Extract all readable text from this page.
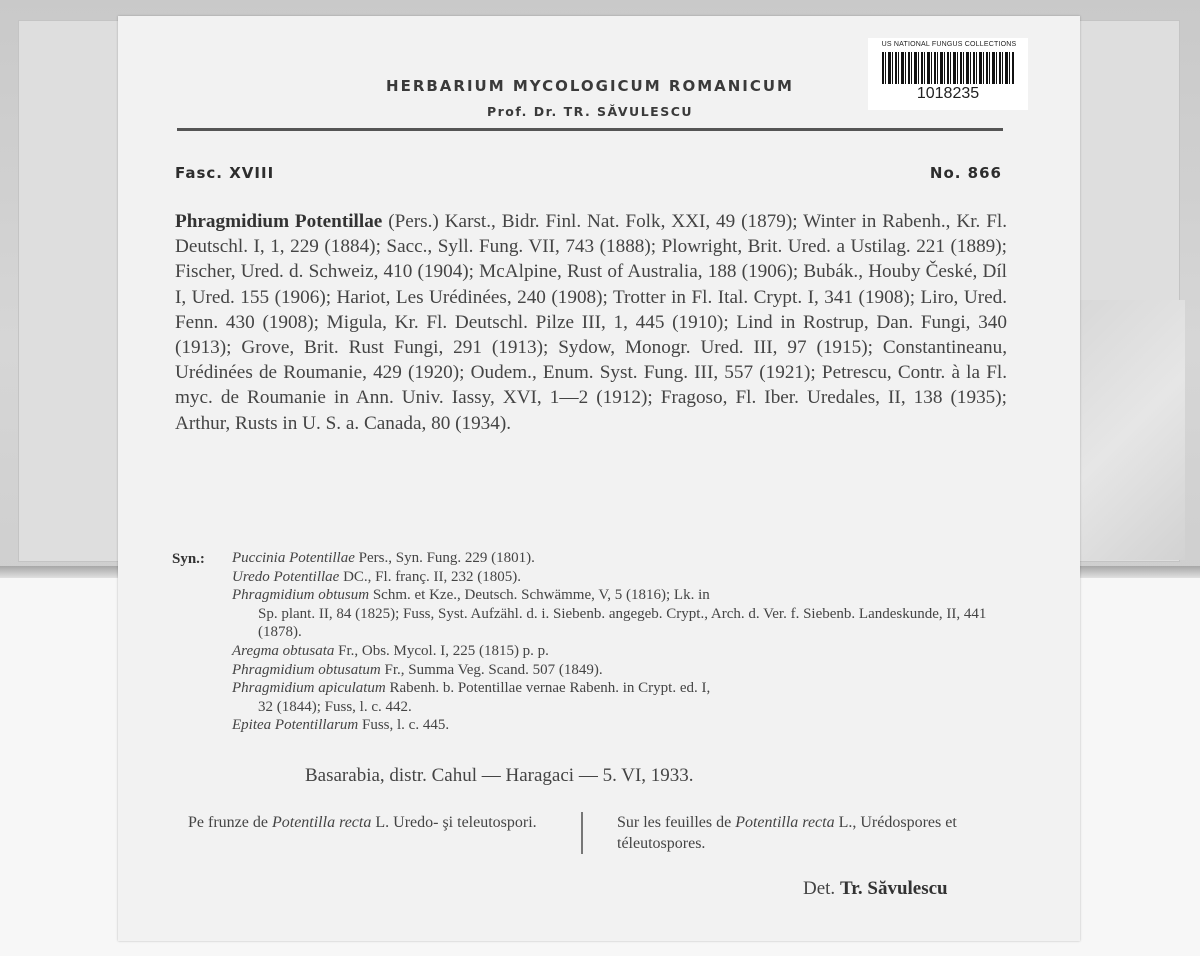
US NATIONAL FUNGUS COLLECTIONS
1018235
HERBARIUM MYCOLOGICUM ROMANICUM
Prof. Dr. TR. SĂVULESCU
Fasc. XVIII	No. 866
Phragmidium Potentillae (Pers.) Karst., Bidr. Finl. Nat. Folk, XXI, 49 (1879); Winter in Rabenh., Kr. Fl. Deutschl. I, 1, 229 (1884); Sacc., Syll. Fung. VII, 743 (1888); Plowright, Brit. Ured. a Ustilag. 221 (1889); Fischer, Ured. d. Schweiz, 410 (1904); McAlpine, Rust of Australia, 188 (1906); Bubák., Houby České, Díl I, Ured. 155 (1906); Hariot, Les Urédinées, 240 (1908); Trotter in Fl. Ital. Crypt. I, 341 (1908); Liro, Ured. Fenn. 430 (1908); Migula, Kr. Fl. Deutschl. Pilze III, 1, 445 (1910); Lind in Rostrup, Dan. Fungi, 340 (1913); Grove, Brit. Rust Fungi, 291 (1913); Sydow, Monogr. Ured. III, 97 (1915); Constantineanu, Urédinées de Roumanie, 429 (1920); Oudem., Enum. Syst. Fung. III, 557 (1921); Petrescu, Contr. à la Fl. myc. de Roumanie in Ann. Univ. Iassy, XVI, 1—2 (1912); Fragoso, Fl. Iber. Uredales, II, 138 (1935); Arthur, Rusts in U. S. a. Canada, 80 (1934).
Syn.: Puccinia Potentillae Pers., Syn. Fung. 229 (1801).
Uredo Potentillae DC., Fl. franç. II, 232 (1805).
Phragmidium obtusum Schm. et Kze., Deutsch. Schwämme, V, 5 (1816); Lk. in
Sp. plant. II, 84 (1825); Fuss, Syst. Aufzähl. d. i. Siebenb. angegeb. Crypt., Arch. d. Ver. f. Siebenb. Landeskunde, II, 441 (1878).
Aregma obtusata Fr., Obs. Mycol. I, 225 (1815) p. p.
Phragmidium obtusatum Fr., Summa Veg. Scand. 507 (1849).
Phragmidium apiculatum Rabenh. b. Potentillae vernae Rabenh. in Crypt. ed. I,
32 (1844); Fuss, l. c. 442.
Epitea Potentillarum Fuss, l. c. 445.
Basarabia, distr. Cahul — Haragaci — 5. VI, 1933.
Pe frunze de Potentilla recta L. Uredo- şi teleutospori.	Sur les feuilles de Potentilla recta L., Urédospores et téleutospores.
Det. Tr. Săvulescu
